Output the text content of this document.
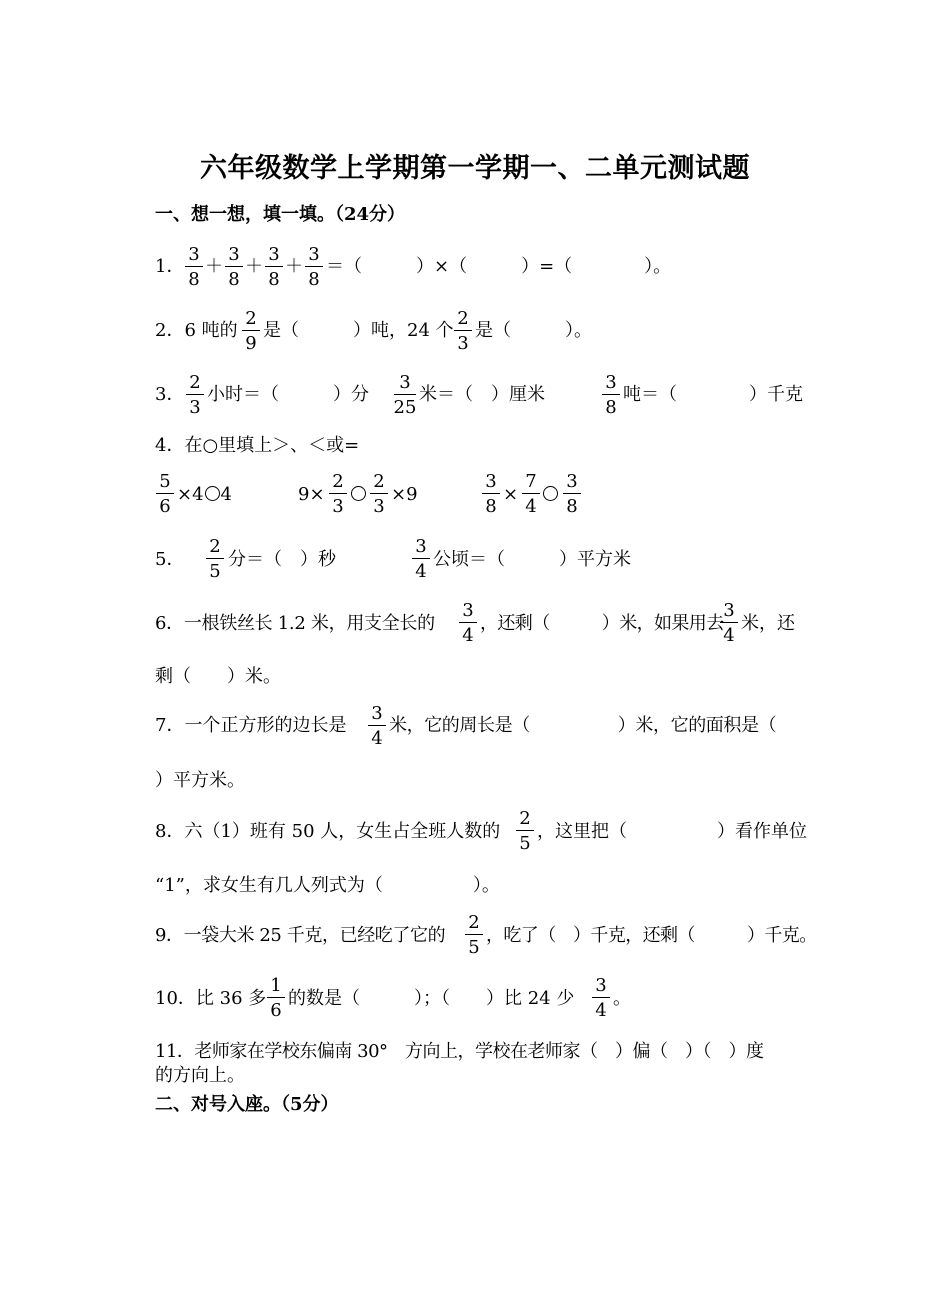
六年级数学上学期第一学期一、二单元测试题
一、想一想，填一填。（24分）
1．
3
8
＋
3
8
＋
3
8
＋
3
8
＝（　　　）×（　　　）=（　　　　）。
2．6 吨的
2
9
是（　　　）吨，24 个
2
3
是（　　　）。
3．
2
3
小时＝（　　　）分
3
25
米＝（　）厘米
3
8
吨＝（　　　　）千克
4．在○里填上＞、＜或=
5
6
×4 4	9×
2
3
2
3
×9
3
8
×
7
4
3
8
5．
2
5
分＝（　）秒
3
4
公顷＝（　　　）平方米
6．一根铁丝长 1.2 米，用支全长的
3
4
，还剩（　　　）米，如果用去
3
4
米，还
剩（　　）米。
7．一个正方形的边长是
3
4
米，它的周长是（　　　　　）米，它的面积是（
）平方米。
8．六（1）班有 50 人，女生占全班人数的
2
5
，这里把（　　　　　）看作单位
“1”，求女生有几人列式为（　　　　　）。
9．一袋大米 25 千克，已经吃了它的
2
5
，吃了（　）千克，还剩（　　　）千克。
10．比 36 多
1
6
的数是（　　　）；（　　）比 24 少
3
4
。
11．老师家在学校东偏南 30°　方向上，学校在老师家（　）偏（　）（　）度
的方向上。
二、对号入座。（5分）
